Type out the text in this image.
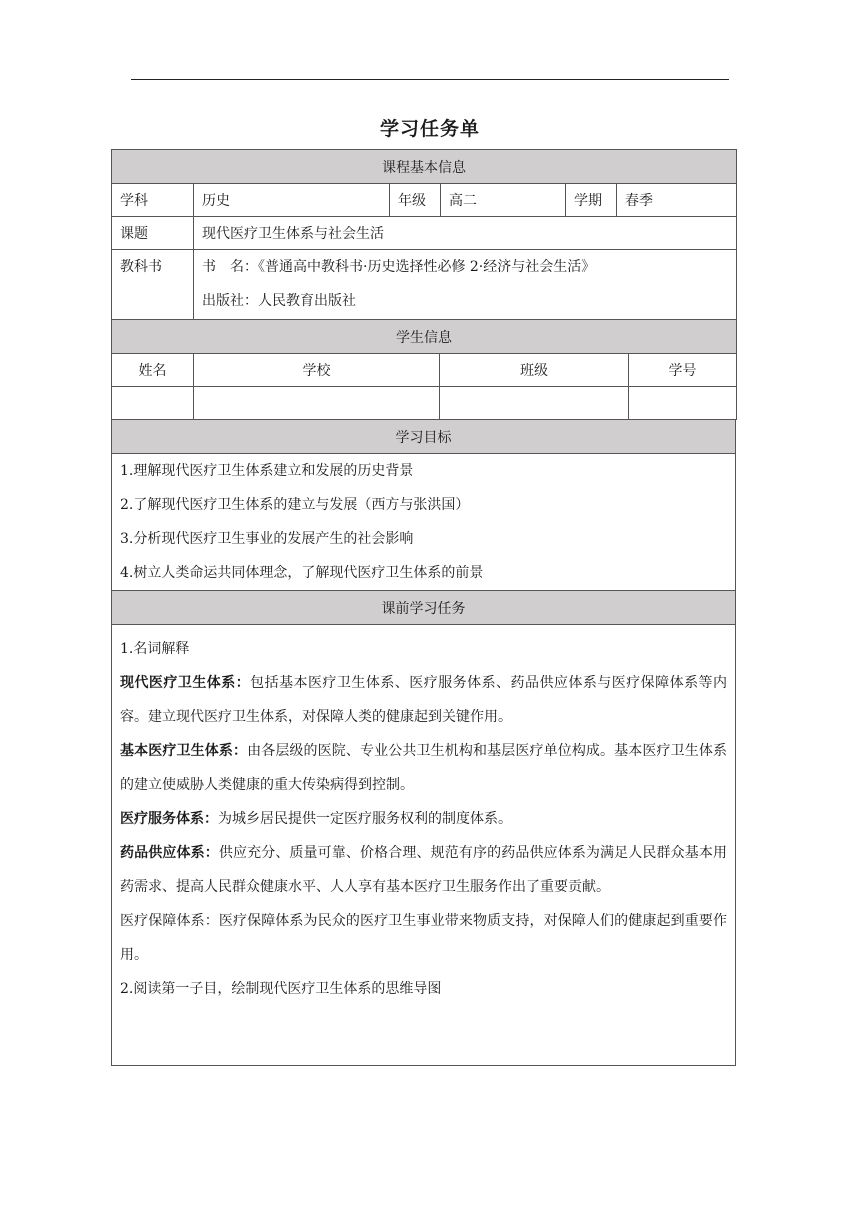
学习任务单
课程基本信息					
学科	历史	年级	高二	学期	春季
课题	现代医疗卫生体系与社会生活				
教科书	书　名：《普通高中教科书·历史选择性必修 2·经济与社会生活》

出版社：人民教育出版社				

学生信息			
姓名	学校	班级	学号

学习目标

1.理解现代医疗卫生体系建立和发展的历史背景

2.了解现代医疗卫生体系的建立与发展（西方与张洪国）

3.分析现代医疗卫生事业的发展产生的社会影响

4.树立人类命运共同体理念，了解现代医疗卫生体系的前景

课前学习任务

1.名词解释

现代医疗卫生体系：包括基本医疗卫生体系、医疗服务体系、药品供应体系与医疗保障体系等内容。建立现代医疗卫生体系，对保障人类的健康起到关键作用。

基本医疗卫生体系：由各层级的医院、专业公共卫生机构和基层医疗单位构成。基本医疗卫生体系的建立使威胁人类健康的重大传染病得到控制。

医疗服务体系：为城乡居民提供一定医疗服务权利的制度体系。

药品供应体系：供应充分、质量可靠、价格合理、规范有序的药品供应体系为满足人民群众基本用药需求、提高人民群众健康水平、人人享有基本医疗卫生服务作出了重要贡献。

医疗保障体系：医疗保障体系为民众的医疗卫生事业带来物质支持，对保障人们的健康起到重要作用。

2.阅读第一子目，绘制现代医疗卫生体系的思维导图
